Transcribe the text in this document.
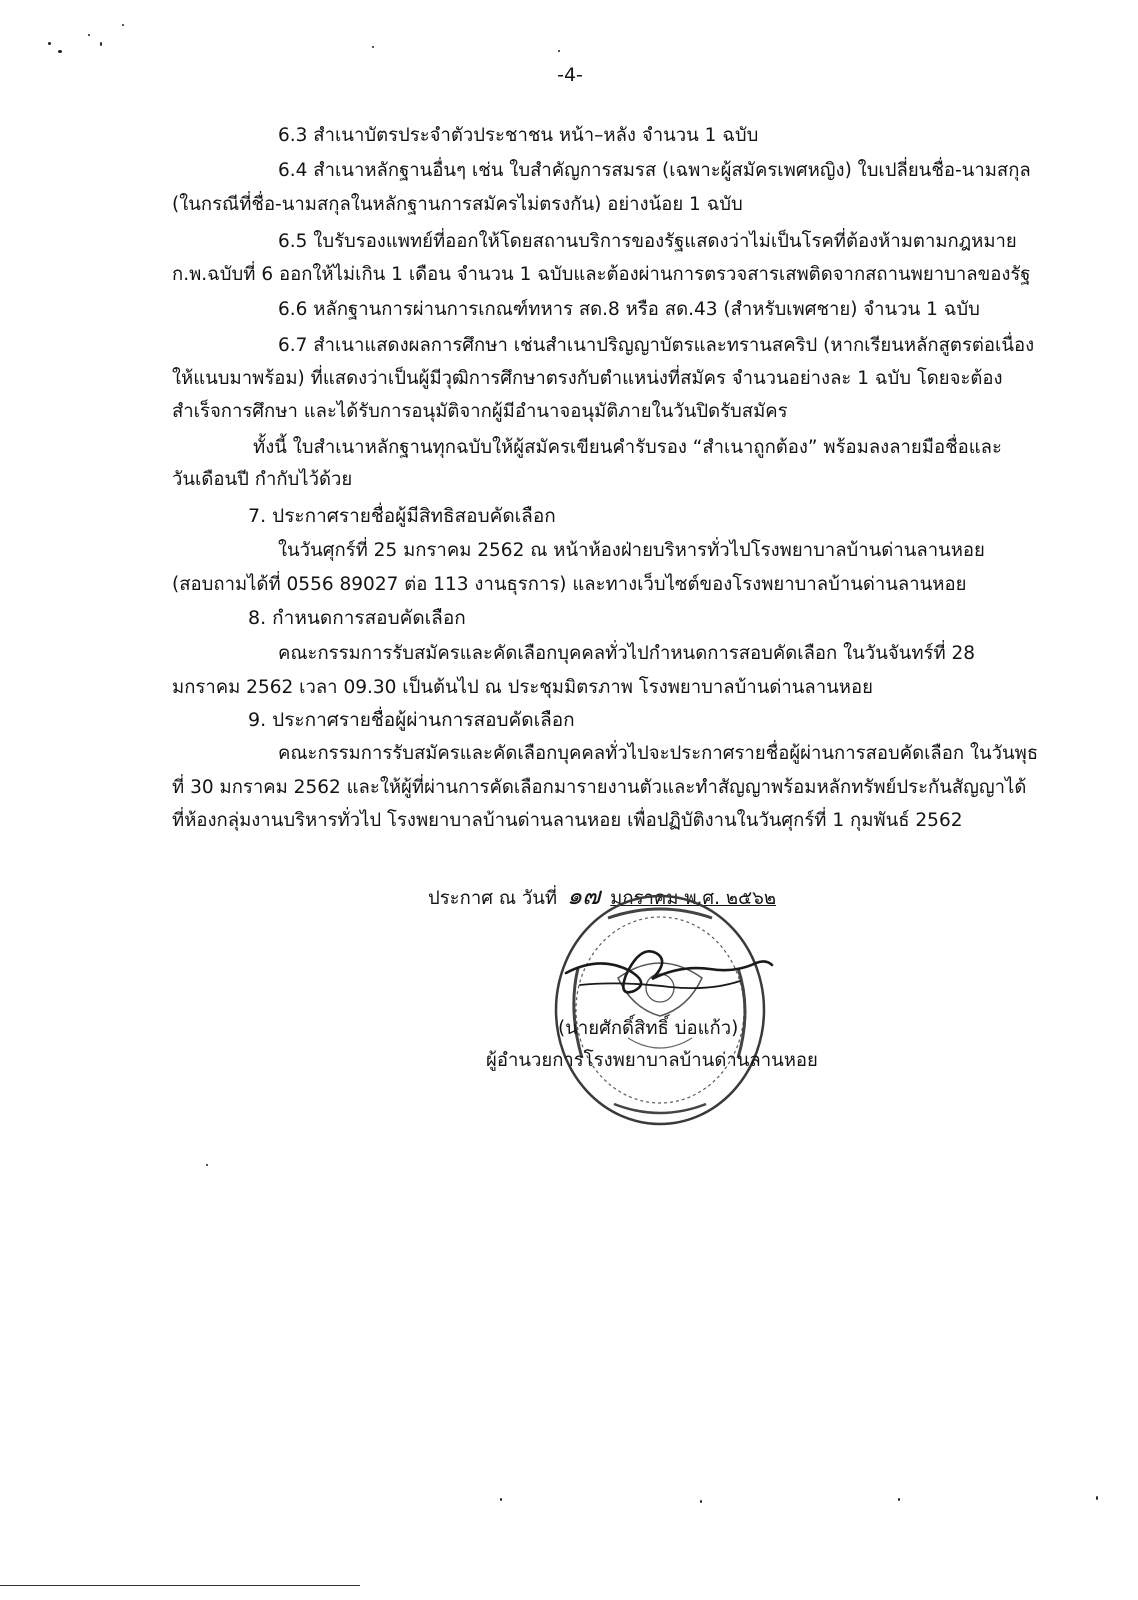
-4-
6.3 สำเนาบัตรประจำตัวประชาชน หน้า–หลัง จำนวน 1 ฉบับ
6.4 สำเนาหลักฐานอื่นๆ เช่น ใบสำคัญการสมรส (เฉพาะผู้สมัครเพศหญิง) ใบเปลี่ยนชื่อ-นามสกุล
(ในกรณีที่ชื่อ-นามสกุลในหลักฐานการสมัครไม่ตรงกัน) อย่างน้อย 1 ฉบับ
6.5 ใบรับรองแพทย์ที่ออกให้โดยสถานบริการของรัฐแสดงว่าไม่เป็นโรคที่ต้องห้ามตามกฎหมาย
ก.พ.ฉบับที่ 6 ออกให้ไม่เกิน 1 เดือน จำนวน 1 ฉบับและต้องผ่านการตรวจสารเสพติดจากสถานพยาบาลของรัฐ
6.6 หลักฐานการผ่านการเกณฑ์ทหาร สด.8 หรือ สด.43 (สำหรับเพศชาย) จำนวน 1 ฉบับ
6.7 สำเนาแสดงผลการศึกษา เช่นสำเนาปริญญาบัตรและทรานสคริป (หากเรียนหลักสูตรต่อเนื่อง
ให้แนบมาพร้อม) ที่แสดงว่าเป็นผู้มีวุฒิการศึกษาตรงกับตำแหน่งที่สมัคร จำนวนอย่างละ 1 ฉบับ โดยจะต้อง
สำเร็จการศึกษา และได้รับการอนุมัติจากผู้มีอำนาจอนุมัติภายในวันปิดรับสมัคร
ทั้งนี้ ใบสำเนาหลักฐานทุกฉบับให้ผู้สมัครเขียนคำรับรอง “สำเนาถูกต้อง” พร้อมลงลายมือชื่อและ
วันเดือนปี กำกับไว้ด้วย
7. ประกาศรายชื่อผู้มีสิทธิสอบคัดเลือก
ในวันศุกร์ที่ 25 มกราคม 2562 ณ หน้าห้องฝ่ายบริหารทั่วไปโรงพยาบาลบ้านด่านลานหอย
(สอบถามได้ที่ 0556 89027 ต่อ 113 งานธุรการ) และทางเว็บไซต์ของโรงพยาบาลบ้านด่านลานหอย
8. กำหนดการสอบคัดเลือก
คณะกรรมการรับสมัครและคัดเลือกบุคคลทั่วไปกำหนดการสอบคัดเลือก ในวันจันทร์ที่ 28
มกราคม 2562 เวลา 09.30 เป็นต้นไป ณ ประชุมมิตรภาพ โรงพยาบาลบ้านด่านลานหอย
9. ประกาศรายชื่อผู้ผ่านการสอบคัดเลือก
คณะกรรมการรับสมัครและคัดเลือกบุคคลทั่วไปจะประกาศรายชื่อผู้ผ่านการสอบคัดเลือก ในวันพุธ
ที่ 30 มกราคม 2562 และให้ผู้ที่ผ่านการคัดเลือกมารายงานตัวและทำสัญญาพร้อมหลักทรัพย์ประกันสัญญาได้
ที่ห้องกลุ่มงานบริหารทั่วไป โรงพยาบาลบ้านด่านลานหอย เพื่อปฏิบัติงานในวันศุกร์ที่ 1 กุมพันธ์ 2562
ประกาศ ณ วันที่ ๑๗ มกราคม พ.ศ. ๒๕๖๒
(นายศักดิ์สิทธิ์ บ่อแก้ว)
ผู้อำนวยการโรงพยาบาลบ้านด่านลานหอย
